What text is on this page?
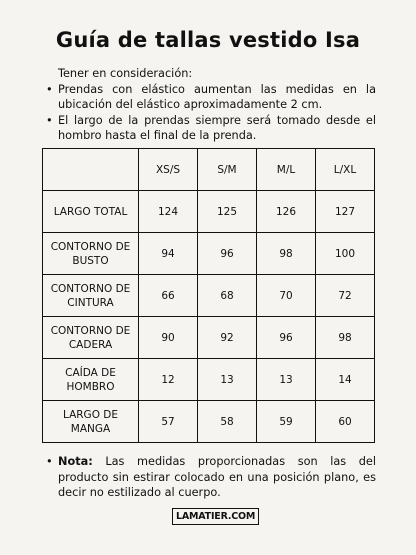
Guía de tallas vestido Isa
Tener en consideración:
• Prendas con elástico aumentan las medidas en la ubicación del elástico aproximadamente 2 cm.
• El largo de la prendas siempre será tomado desde el hombro hasta el final de la prenda.
	XS/S	S/M	M/L	L/XL
LARGO TOTAL	124	125	126	127
CONTORNO DE BUSTO	94	96	98	100
CONTORNO DE CINTURA	66	68	70	72
CONTORNO DE CADERA	90	92	96	98
CAÍDA DE HOMBRO	12	13	13	14
LARGO DE MANGA	57	58	59	60
• Nota: Las medidas proporcionadas son las del producto sin estirar colocado en una posición plano, es decir no estilizado al cuerpo.
LAMATIER.COM
